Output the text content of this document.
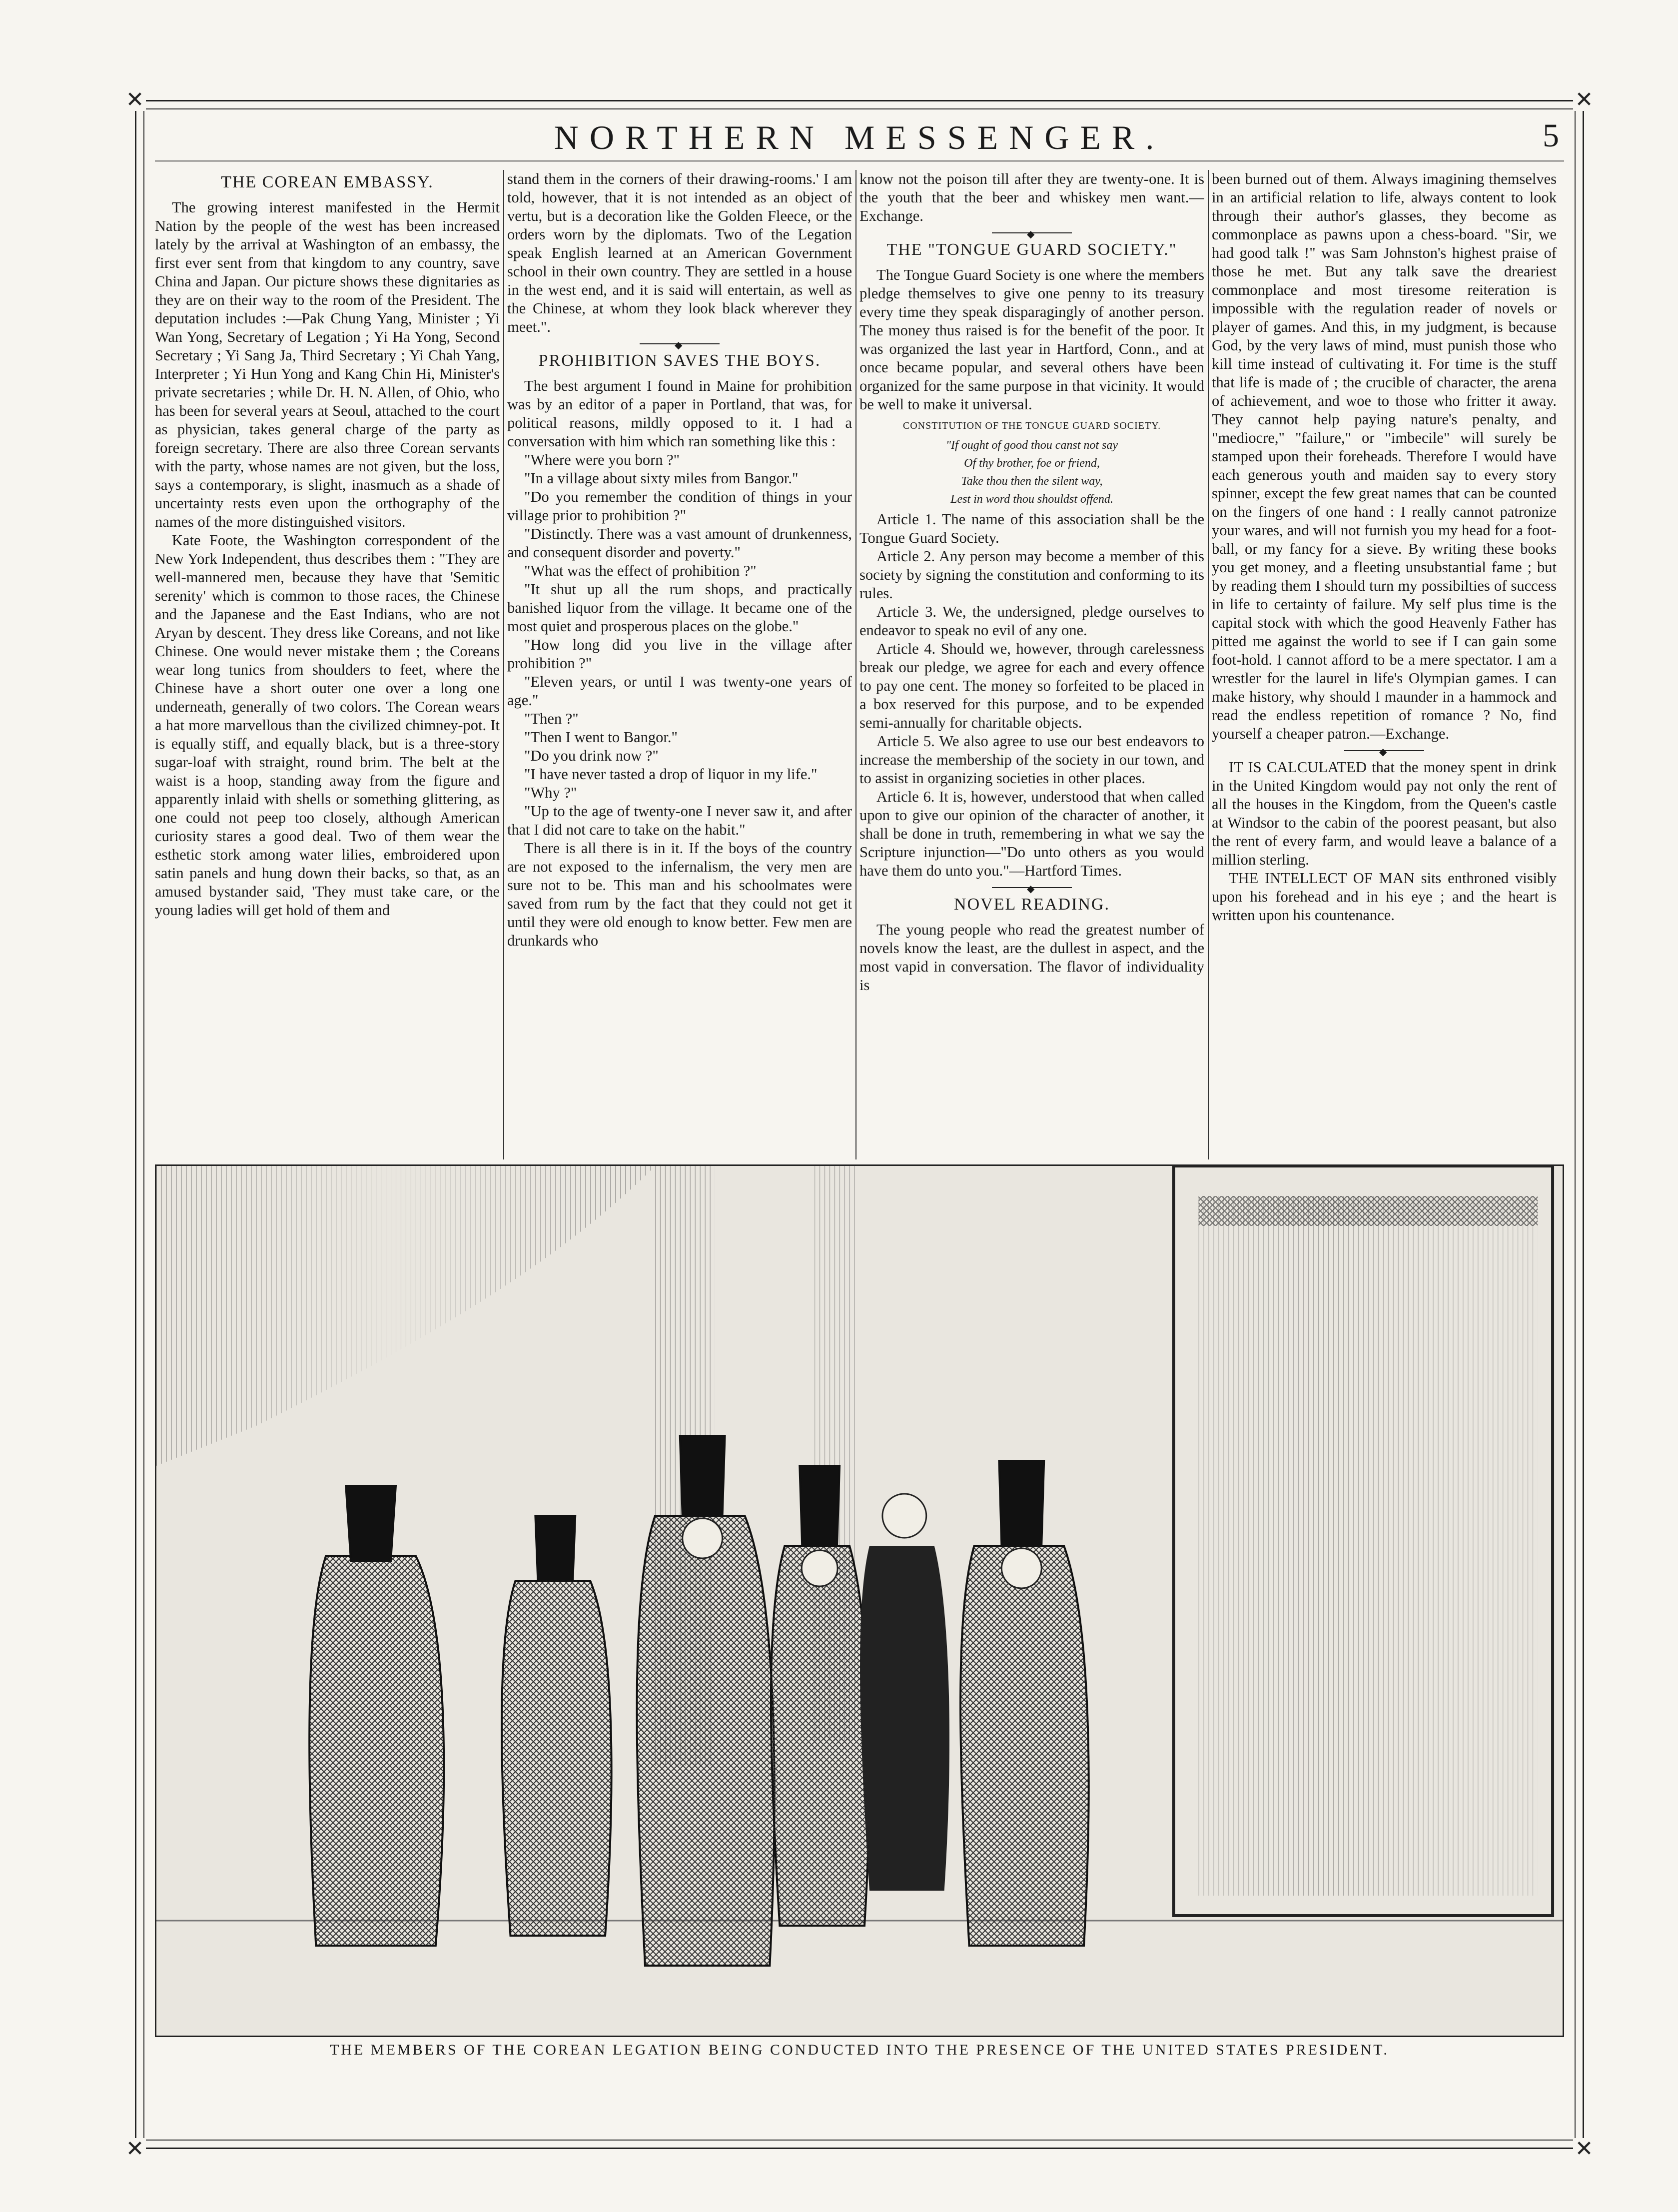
✕	✕
✕	✕
NORTHERN MESSENGER.	5
THE COREAN EMBASSY.

The growing interest manifested in the Hermit Nation by the people of the west has been increased lately by the arrival at Washington of an embassy, the first ever sent from that kingdom to any country, save China and Japan. Our picture shows these dignitaries as they are on their way to the room of the President. The deputation includes :—Pak Chung Yang, Minister ; Yi Wan Yong, Secretary of Legation ; Yi Ha Yong, Second Secretary ; Yi Sang Ja, Third Secretary ; Yi Chah Yang, Interpreter ; Yi Hun Yong and Kang Chin Hi, Minister's private secretaries ; while Dr. H. N. Allen, of Ohio, who has been for several years at Seoul, attached to the court as physician, takes general charge of the party as foreign secretary. There are also three Corean servants with the party, whose names are not given, but the loss, says a contemporary, is slight, inasmuch as a shade of uncertainty rests even upon the orthography of the names of the more distinguished visitors.

Kate Foote, the Washington correspondent of the New York Independent, thus describes them : "They are well-mannered men, because they have that 'Semitic serenity' which is common to those races, the Chinese and the Japanese and the East Indians, who are not Aryan by descent. They dress like Coreans, and not like Chinese. One would never mistake them ; the Coreans wear long tunics from shoulders to feet, where the Chinese have a short outer one over a long one underneath, generally of two colors. The Corean wears a hat more marvellous than the civilized chimney-pot. It is equally stiff, and equally black, but is a three-story sugar-loaf with straight, round brim. The belt at the waist is a hoop, standing away from the figure and apparently inlaid with shells or something glittering, as one could not peep too closely, although American curiosity stares a good deal. Two of them wear the esthetic stork among water lilies, embroidered upon satin panels and hung down their backs, so that, as an amused bystander said, 'They must take care, or the young ladies will get hold of them and

stand them in the corners of their drawing-rooms.' I am told, however, that it is not intended as an object of vertu, but is a decoration like the Golden Fleece, or the orders worn by the diplomats. Two of the Legation speak English learned at an American Government school in their own country. They are settled in a house in the west end, and it is said will entertain, as well as the Chinese, at whom they look black wherever they meet.".

◆
PROHIBITION SAVES THE BOYS.

The best argument I found in Maine for prohibition was by an editor of a paper in Portland, that was, for political reasons, mildly opposed to it. I had a conversation with him which ran something like this :

"Where were you born ?"

"In a village about sixty miles from Bangor."

"Do you remember the condition of things in your village prior to prohibition ?"

"Distinctly. There was a vast amount of drunkenness, and consequent disorder and poverty."

"What was the effect of prohibition ?"

"It shut up all the rum shops, and practically banished liquor from the village. It became one of the most quiet and prosperous places on the globe."

"How long did you live in the village after prohibition ?"

"Eleven years, or until I was twenty-one years of age."

"Then ?"

"Then I went to Bangor."

"Do you drink now ?"

"I have never tasted a drop of liquor in my life."

"Why ?"

"Up to the age of twenty-one I never saw it, and after that I did not care to take on the habit."

There is all there is in it. If the boys of the country are not exposed to the infernalism, the very men are sure not to be. This man and his schoolmates were saved from rum by the fact that they could not get it until they were old enough to know better. Few men are drunkards who

know not the poison till after they are twenty-one. It is the youth that the beer and whiskey men want.—Exchange.

◆
THE "TONGUE GUARD SOCIETY."

The Tongue Guard Society is one where the members pledge themselves to give one penny to its treasury every time they speak disparagingly of another person. The money thus raised is for the benefit of the poor. It was organized the last year in Hartford, Conn., and at once became popular, and several others have been organized for the same purpose in that vicinity. It would be well to make it universal.

CONSTITUTION OF THE TONGUE GUARD SOCIETY.
"If ought of good thou canst not say
Of thy brother, foe or friend,
Take thou then the silent way,
Lest in word thou shouldst offend.

Article 1. The name of this association shall be the Tongue Guard Society.

Article 2. Any person may become a member of this society by signing the constitution and conforming to its rules.

Article 3. We, the undersigned, pledge ourselves to endeavor to speak no evil of any one.

Article 4. Should we, however, through carelessness break our pledge, we agree for each and every offence to pay one cent. The money so forfeited to be placed in a box reserved for this purpose, and to be expended semi-annually for charitable objects.

Article 5. We also agree to use our best endeavors to increase the membership of the society in our town, and to assist in organizing societies in other places.

Article 6. It is, however, understood that when called upon to give our opinion of the character of another, it shall be done in truth, remembering in what we say the Scripture injunction—"Do unto others as you would have them do unto you."—Hartford Times.

◆
NOVEL READING.

The young people who read the greatest number of novels know the least, are the dullest in aspect, and the most vapid in conversation. The flavor of individuality is

been burned out of them. Always imagining themselves in an artificial relation to life, always content to look through their author's glasses, they become as commonplace as pawns upon a chess-board. "Sir, we had good talk !" was Sam Johnston's highest praise of those he met. But any talk save the dreariest commonplace and most tiresome reiteration is impossible with the regulation reader of novels or player of games. And this, in my judgment, is because God, by the very laws of mind, must punish those who kill time instead of cultivating it. For time is the stuff that life is made of ; the crucible of character, the arena of achievement, and woe to those who fritter it away. They cannot help paying nature's penalty, and "mediocre," "failure," or "imbecile" will surely be stamped upon their foreheads. Therefore I would have each generous youth and maiden say to every story spinner, except the few great names that can be counted on the fingers of one hand : I really cannot patronize your wares, and will not furnish you my head for a foot-ball, or my fancy for a sieve. By writing these books you get money, and a fleeting unsubstantial fame ; but by reading them I should turn my possibilties of success in life to certainty of failure. My self plus time is the capital stock with which the good Heavenly Father has pitted me against the world to see if I can gain some foot-hold. I cannot afford to be a mere spectator. I am a wrestler for the laurel in life's Olympian games. I can make history, why should I maunder in a hammock and read the endless repetition of romance ? No, find yourself a cheaper patron.—Exchange.

◆

IT IS CALCULATED that the money spent in drink in the United Kingdom would pay not only the rent of all the houses in the Kingdom, from the Queen's castle at Windsor to the cabin of the poorest peasant, but also the rent of every farm, and would leave a balance of a million sterling.

THE INTELLECT OF MAN sits enthroned visibly upon his forehead and in his eye ; and the heart is written upon his countenance.

THE MEMBERS OF THE COREAN LEGATION BEING CONDUCTED INTO THE PRESENCE OF THE UNITED STATES PRESIDENT.
